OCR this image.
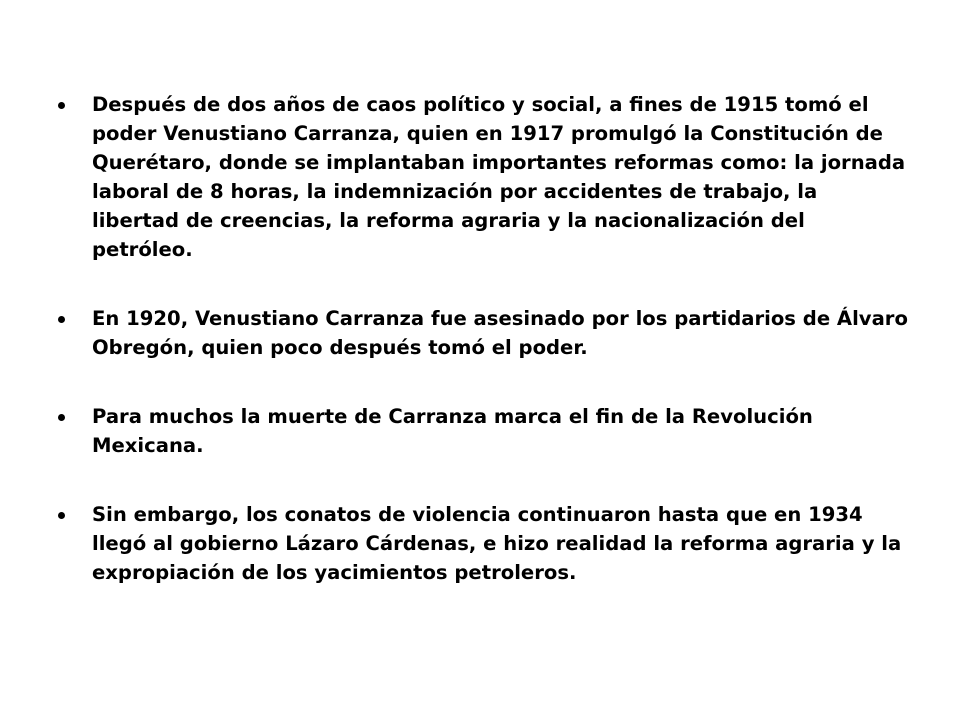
Después de dos años de caos político y social, a fines de 1915 tomó el poder Venustiano Carranza, quien en 1917 promulgó la Constitución de Querétaro, donde se implantaban importantes reformas como: la jornada laboral de 8 horas, la indemnización por accidentes de trabajo, la libertad de creencias, la reforma agraria y la nacionalización del petróleo.
En 1920, Venustiano Carranza fue asesinado por los partidarios de Álvaro Obregón, quien poco después tomó el poder.
Para muchos la muerte de Carranza marca el fin de la Revolución Mexicana.
Sin embargo, los conatos de violencia continuaron hasta que en 1934 llegó al gobierno Lázaro Cárdenas, e hizo realidad la reforma agraria y la expropiación de los yacimientos petroleros.
